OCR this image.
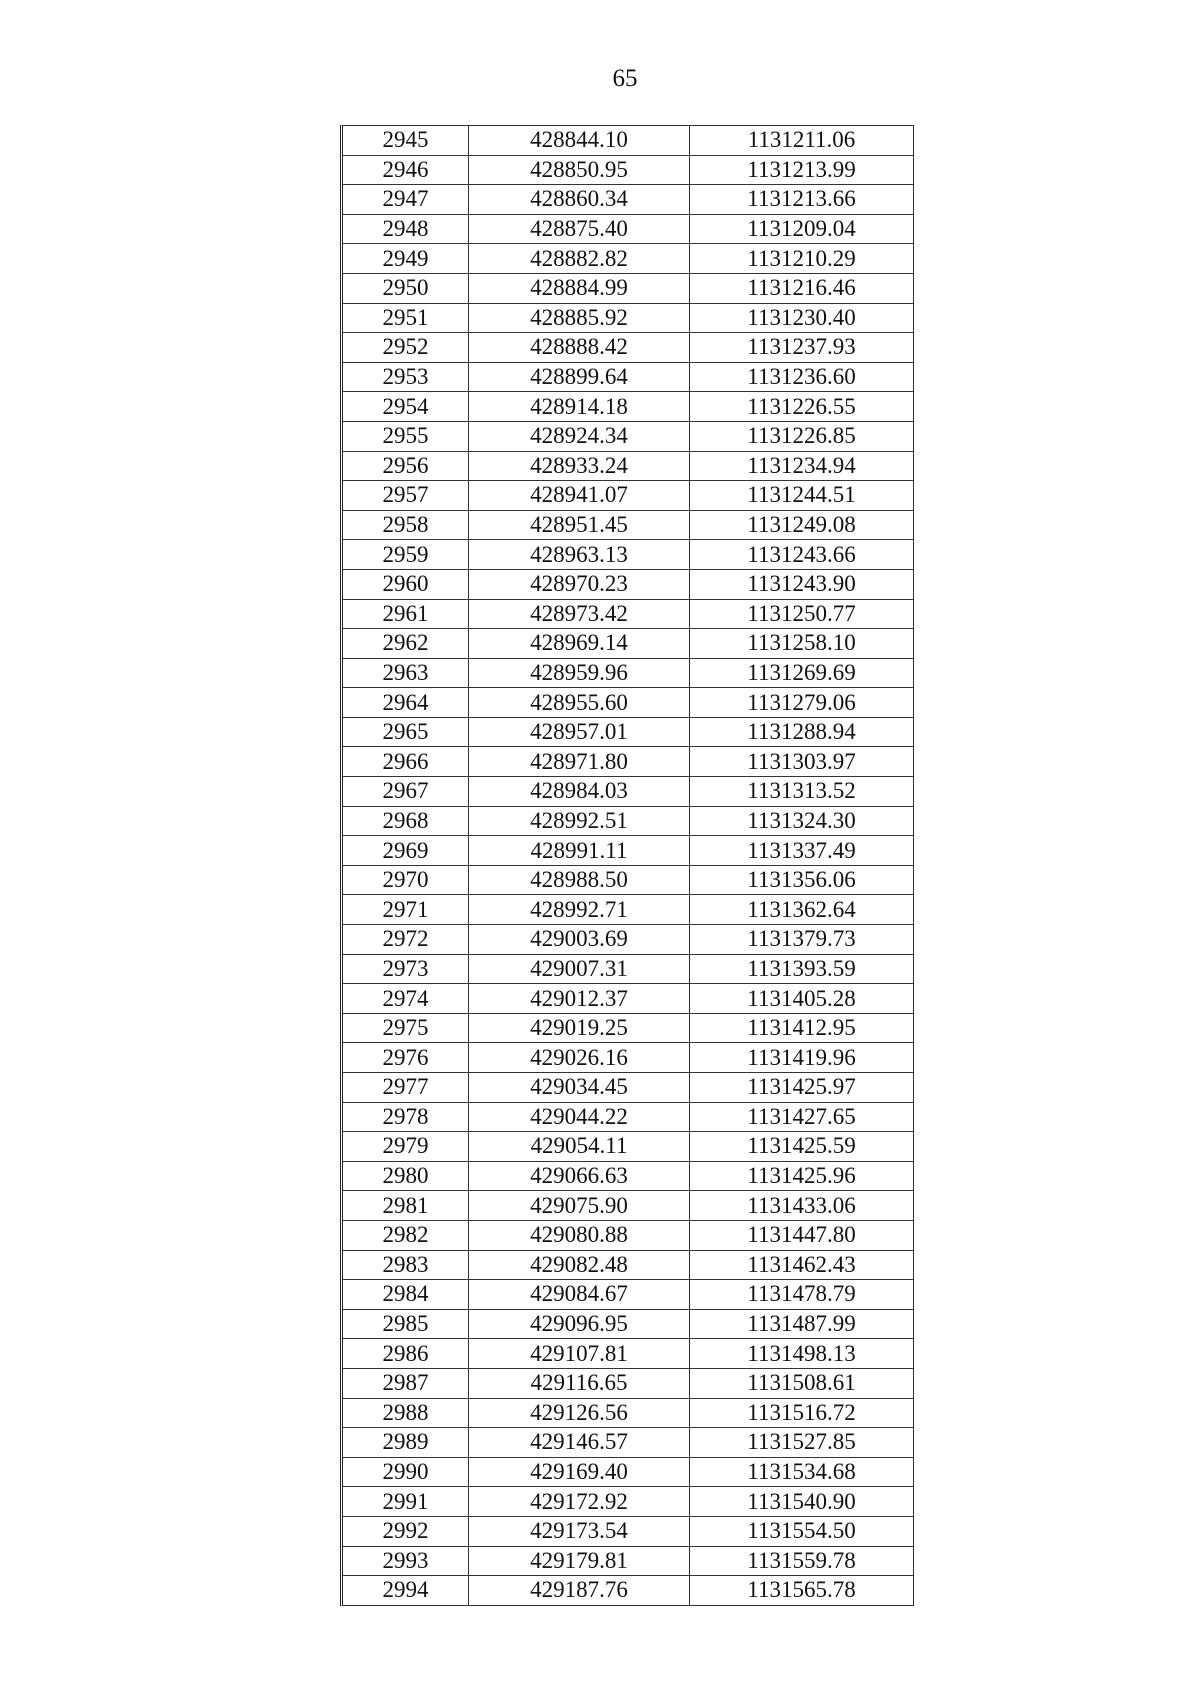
65
2945	428844.10	1131211.06
2946	428850.95	1131213.99
2947	428860.34	1131213.66
2948	428875.40	1131209.04
2949	428882.82	1131210.29
2950	428884.99	1131216.46
2951	428885.92	1131230.40
2952	428888.42	1131237.93
2953	428899.64	1131236.60
2954	428914.18	1131226.55
2955	428924.34	1131226.85
2956	428933.24	1131234.94
2957	428941.07	1131244.51
2958	428951.45	1131249.08
2959	428963.13	1131243.66
2960	428970.23	1131243.90
2961	428973.42	1131250.77
2962	428969.14	1131258.10
2963	428959.96	1131269.69
2964	428955.60	1131279.06
2965	428957.01	1131288.94
2966	428971.80	1131303.97
2967	428984.03	1131313.52
2968	428992.51	1131324.30
2969	428991.11	1131337.49
2970	428988.50	1131356.06
2971	428992.71	1131362.64
2972	429003.69	1131379.73
2973	429007.31	1131393.59
2974	429012.37	1131405.28
2975	429019.25	1131412.95
2976	429026.16	1131419.96
2977	429034.45	1131425.97
2978	429044.22	1131427.65
2979	429054.11	1131425.59
2980	429066.63	1131425.96
2981	429075.90	1131433.06
2982	429080.88	1131447.80
2983	429082.48	1131462.43
2984	429084.67	1131478.79
2985	429096.95	1131487.99
2986	429107.81	1131498.13
2987	429116.65	1131508.61
2988	429126.56	1131516.72
2989	429146.57	1131527.85
2990	429169.40	1131534.68
2991	429172.92	1131540.90
2992	429173.54	1131554.50
2993	429179.81	1131559.78
2994	429187.76	1131565.78
